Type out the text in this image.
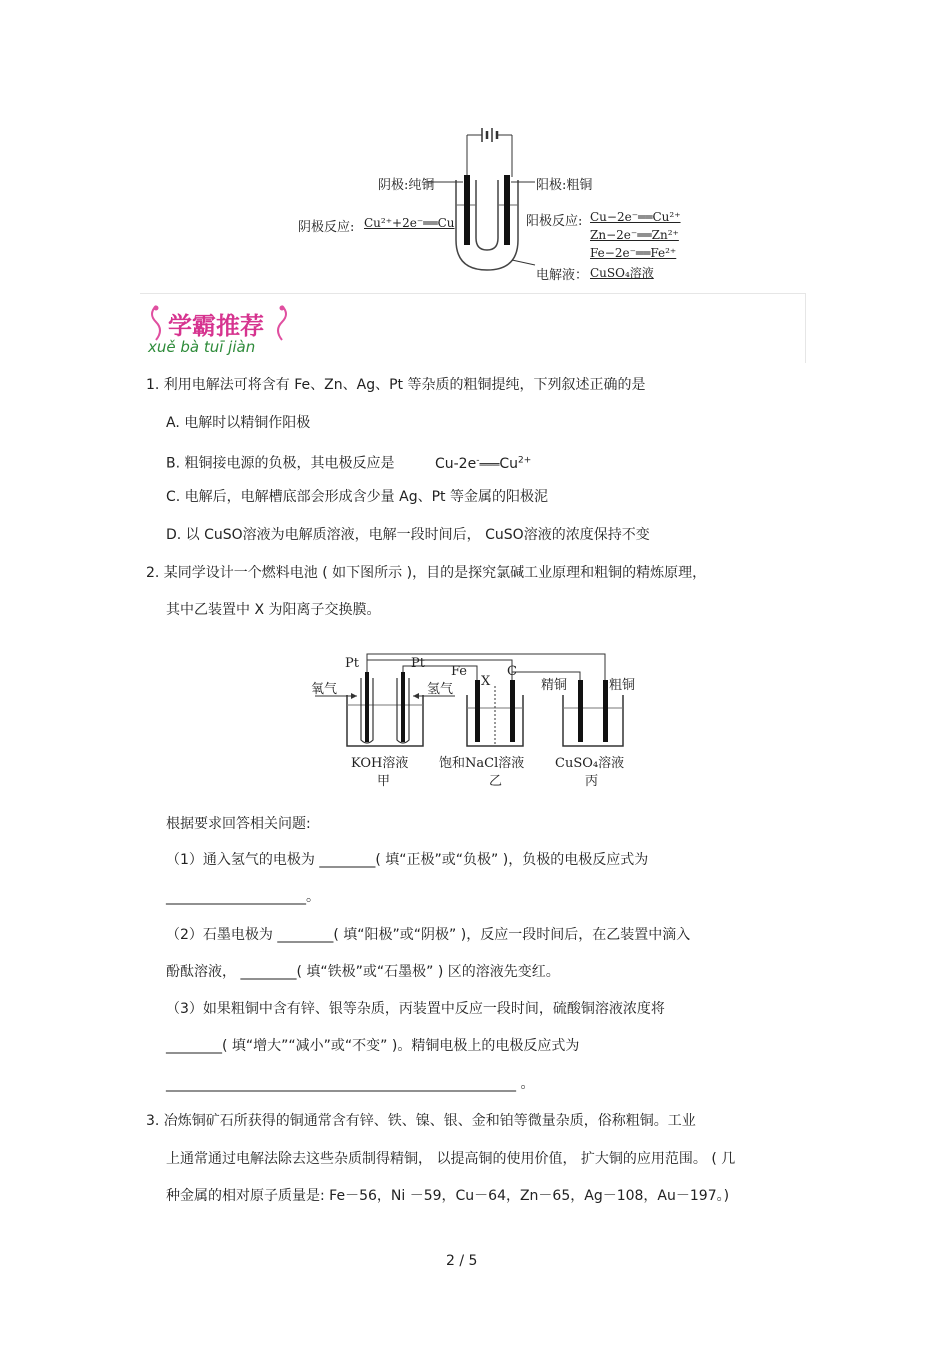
阴极:纯铜	阳极:粗铜
阴极反应: Cu²⁺+2e⁻══Cu	阳极反应: Cu−2e⁻══Cu²⁺
Zn−2e⁻══Zn²⁺
Fe−2e⁻══Fe²⁺
电解液： CuSO₄溶液
学霸推荐
xuě bà tuī jiàn
1. 利用电解法可将含有 Fe、Zn、Ag、Pt 等杂质的粗铜提纯，下列叙述正确的是
A. 电解时以精铜作阳极
B. 粗铜接电源的负极，其电极反应是	$Cu-2e^-═══Cu^{2+}$
C. 电解后，电解槽底部会形成含少量 Ag、Pt 等金属的阳极泥
D. 以 CuSO溶液为电解质溶液，电解一段时间后， CuSO溶液的浓度保持不变
2. 某同学设计一个燃料电池 ( 如下图所示 )，目的是探究氯碱工业原理和粗铜的精炼原理，
其中乙装置中 X 为阳离子交换膜。
Pt	Pt
Fe
X
C
氧气	氢气	精铜	粗铜
KOH溶液
甲
饱和NaCl溶液
乙
CuSO₄溶液
丙
根据要求回答相关问题:
（1）通入氢气的电极为 ________( 填“正极”或“负极” )，负极的电极反应式为
____________________。
（2）石墨电极为 ________( 填“阳极”或“阴极” )，反应一段时间后，在乙装置中滴入
酚酞溶液， ________( 填“铁极”或“石墨极” ) 区的溶液先变红。
（3）如果粗铜中含有锌、银等杂质，丙装置中反应一段时间，硫酸铜溶液浓度将
________( 填“增大”“减小”或“不变” )。精铜电极上的电极反应式为
__________________________________________________ 。
3. 冶炼铜矿石所获得的铜通常含有锌、铁、镍、银、金和铂等微量杂质，俗称粗铜。工业
上通常通过电解法除去这些杂质制得精铜， 以提高铜的使用价值， 扩大铜的应用范围。 ( 几
种金属的相对原子质量是: Fe－56，Ni －59，Cu－64，Zn－65，Ag－108，Au－197。)
2 / 5
